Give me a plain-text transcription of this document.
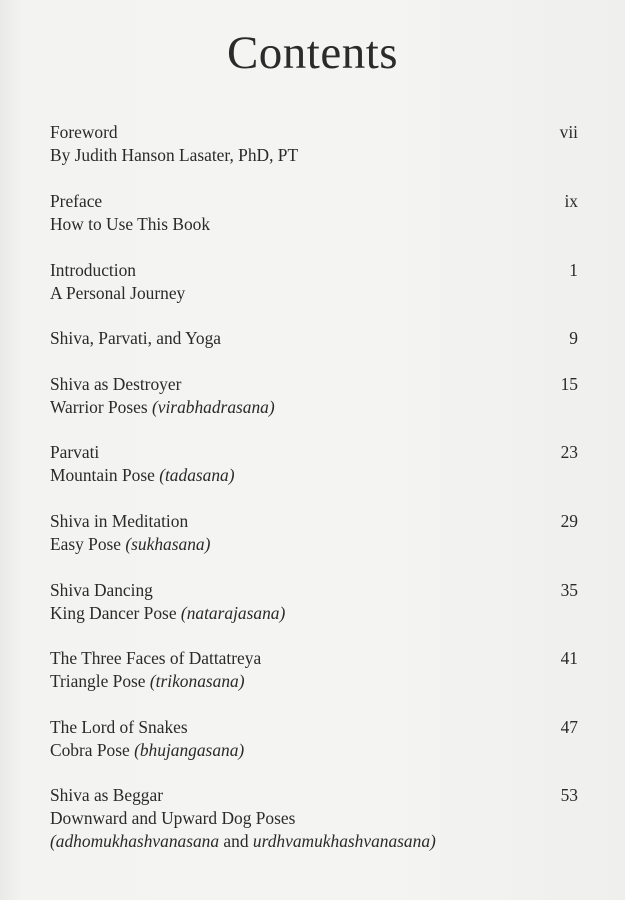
Contents
Foreword
By Judith Hanson Lasater, PhD, PT
vii
Preface
How to Use This Book
ix
Introduction
A Personal Journey
1
Shiva, Parvati, and Yoga	9
Shiva as Destroyer
Warrior Poses (virabhadrasana)
15
Parvati
Mountain Pose (tadasana)
23
Shiva in Meditation
Easy Pose (sukhasana)
29
Shiva Dancing
King Dancer Pose (natarajasana)
35
The Three Faces of Dattatreya
Triangle Pose (trikonasana)
41
The Lord of Snakes
Cobra Pose (bhujangasana)
47
Shiva as Beggar
Downward and Upward Dog Poses
(adhomukhashvanasana and urdhvamukhashvanasana)
53
